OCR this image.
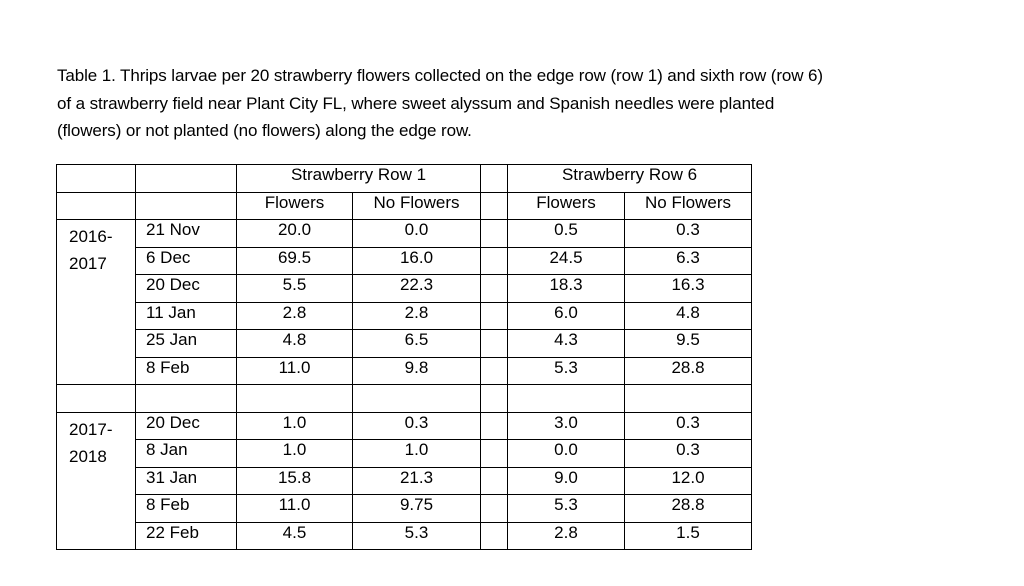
Table 1. Thrips larvae per 20 strawberry flowers collected on the edge row (row 1) and sixth row (row 6)
of a strawberry field near Plant City FL, where sweet alyssum and Spanish needles were planted
(flowers) or not planted (no flowers) along the edge row.

		Strawberry Row 1			Strawberry Row 6	
		Flowers	No Flowers		Flowers	No Flowers

2016-
2017	21 Nov	20.0	0.0		0.5	0.3
	6 Dec	69.5	16.0		24.5	6.3
	20 Dec	5.5	22.3		18.3	16.3
	11 Jan	2.8	2.8		6.0	4.8
	25 Jan	4.8	6.5		4.3	9.5
	8 Feb	11.0	9.8		5.3	28.8

2017-
2018	20 Dec	1.0	0.3		3.0	0.3
	8 Jan	1.0	1.0		0.0	0.3
	31 Jan	15.8	21.3		9.0	12.0
	8 Feb	11.0	9.75		5.3	28.8
	22 Feb	4.5	5.3		2.8	1.5
